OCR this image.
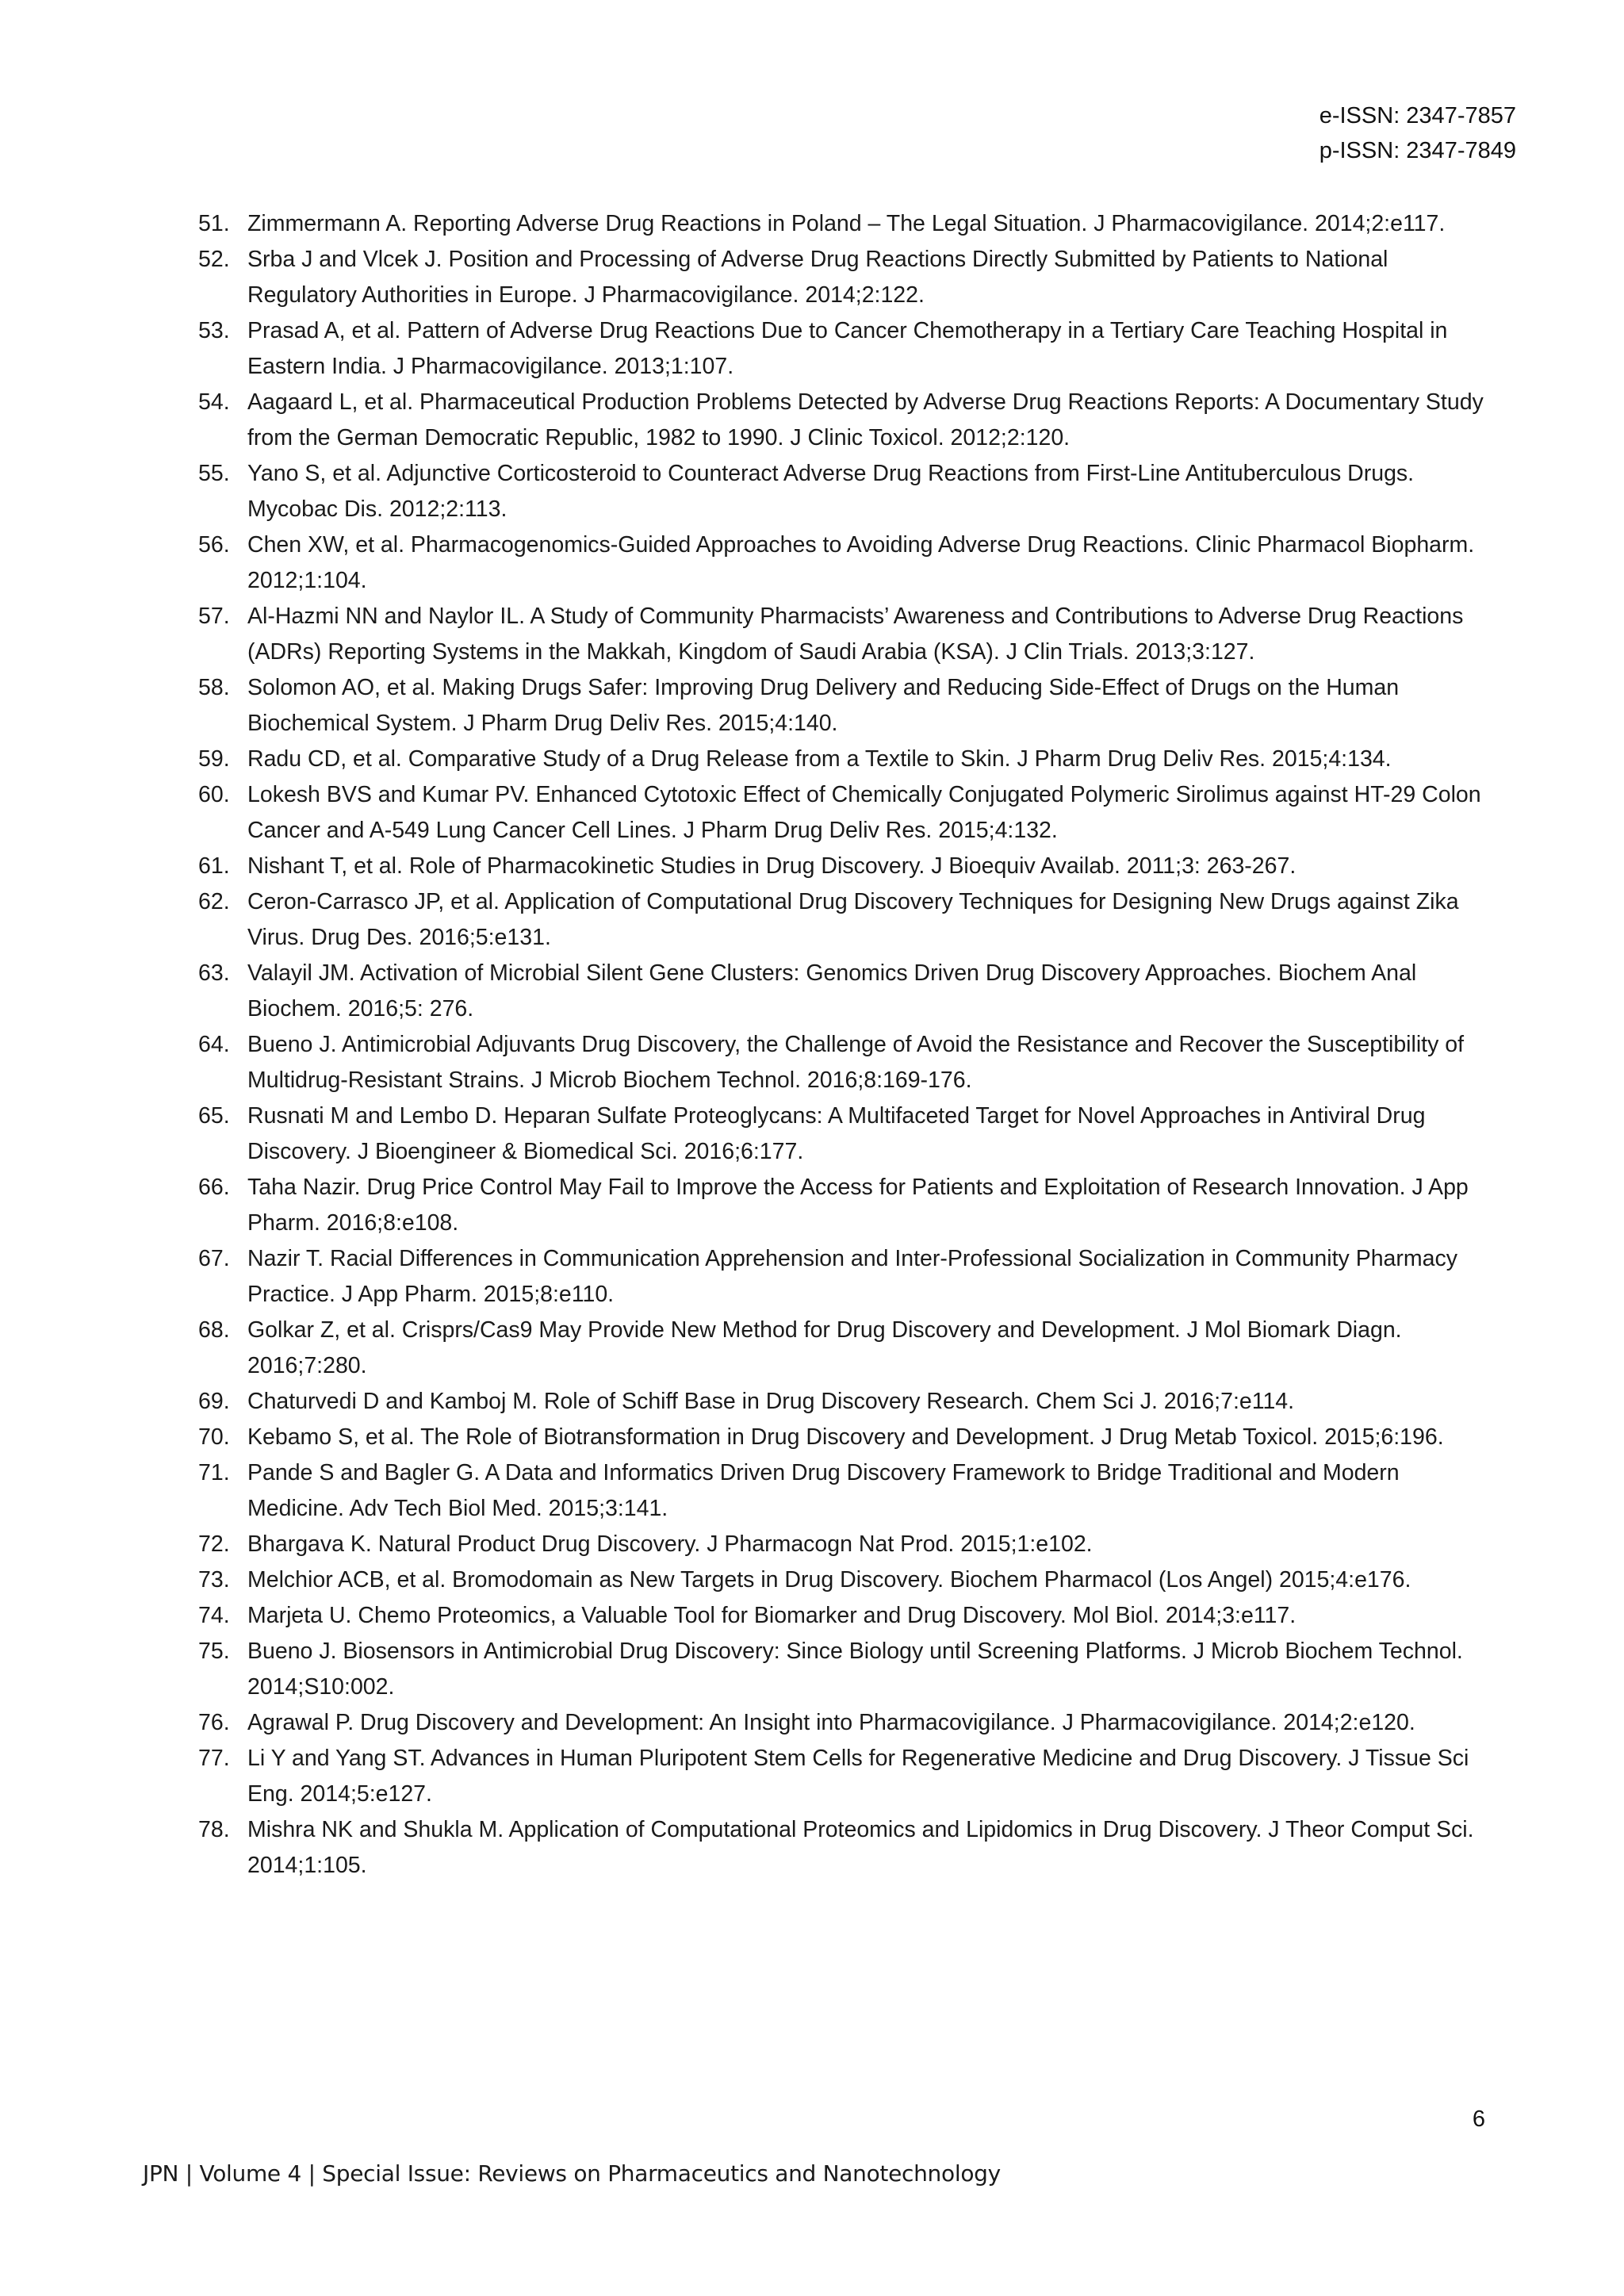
e-ISSN: 2347-7857
p-ISSN: 2347-7849
51. Zimmermann A. Reporting Adverse Drug Reactions in Poland – The Legal Situation. J Pharmacovigilance. 2014;2:e117.
52. Srba J and Vlcek J. Position and Processing of Adverse Drug Reactions Directly Submitted by Patients to National Regulatory Authorities in Europe. J Pharmacovigilance. 2014;2:122.
53. Prasad A, et al. Pattern of Adverse Drug Reactions Due to Cancer Chemotherapy in a Tertiary Care Teaching Hospital in Eastern India. J Pharmacovigilance. 2013;1:107.
54. Aagaard L, et al. Pharmaceutical Production Problems Detected by Adverse Drug Reactions Reports: A Documentary Study from the German Democratic Republic, 1982 to 1990. J Clinic Toxicol. 2012;2:120.
55. Yano S, et al. Adjunctive Corticosteroid to Counteract Adverse Drug Reactions from First-Line Antituberculous Drugs. Mycobac Dis. 2012;2:113.
56. Chen XW, et al. Pharmacogenomics-Guided Approaches to Avoiding Adverse Drug Reactions. Clinic Pharmacol Biopharm. 2012;1:104.
57. Al-Hazmi NN and Naylor IL. A Study of Community Pharmacists’ Awareness and Contributions to Adverse Drug Reactions (ADRs) Reporting Systems in the Makkah, Kingdom of Saudi Arabia (KSA). J Clin Trials. 2013;3:127.
58. Solomon AO, et al. Making Drugs Safer: Improving Drug Delivery and Reducing Side-Effect of Drugs on the Human Biochemical System. J Pharm Drug Deliv Res. 2015;4:140.
59. Radu CD, et al. Comparative Study of a Drug Release from a Textile to Skin. J Pharm Drug Deliv Res. 2015;4:134.
60. Lokesh BVS and Kumar PV. Enhanced Cytotoxic Effect of Chemically Conjugated Polymeric Sirolimus against HT-29 Colon Cancer and A-549 Lung Cancer Cell Lines. J Pharm Drug Deliv Res. 2015;4:132.
61. Nishant T, et al. Role of Pharmacokinetic Studies in Drug Discovery. J Bioequiv Availab. 2011;3: 263-267.
62. Ceron-Carrasco JP, et al. Application of Computational Drug Discovery Techniques for Designing New Drugs against Zika Virus. Drug Des. 2016;5:e131.
63. Valayil JM. Activation of Microbial Silent Gene Clusters: Genomics Driven Drug Discovery Approaches. Biochem Anal Biochem. 2016;5: 276.
64. Bueno J. Antimicrobial Adjuvants Drug Discovery, the Challenge of Avoid the Resistance and Recover the Susceptibility of Multidrug-Resistant Strains. J Microb Biochem Technol. 2016;8:169-176.
65. Rusnati M and Lembo D. Heparan Sulfate Proteoglycans: A Multifaceted Target for Novel Approaches in Antiviral Drug Discovery. J Bioengineer & Biomedical Sci. 2016;6:177.
66. Taha Nazir. Drug Price Control May Fail to Improve the Access for Patients and Exploitation of Research Innovation. J App Pharm. 2016;8:e108.
67. Nazir T. Racial Differences in Communication Apprehension and Inter-Professional Socialization in Community Pharmacy Practice. J App Pharm. 2015;8:e110.
68. Golkar Z, et al. Crisprs/Cas9 May Provide New Method for Drug Discovery and Development. J Mol Biomark Diagn. 2016;7:280.
69. Chaturvedi D and Kamboj M. Role of Schiff Base in Drug Discovery Research. Chem Sci J. 2016;7:e114.
70. Kebamo S, et al. The Role of Biotransformation in Drug Discovery and Development. J Drug Metab Toxicol. 2015;6:196.
71. Pande S and Bagler G. A Data and Informatics Driven Drug Discovery Framework to Bridge Traditional and Modern Medicine. Adv Tech Biol Med. 2015;3:141.
72. Bhargava K. Natural Product Drug Discovery. J Pharmacogn Nat Prod. 2015;1:e102.
73. Melchior ACB, et al. Bromodomain as New Targets in Drug Discovery. Biochem Pharmacol (Los Angel) 2015;4:e176.
74. Marjeta U. Chemo Proteomics, a Valuable Tool for Biomarker and Drug Discovery. Mol Biol. 2014;3:e117.
75. Bueno J. Biosensors in Antimicrobial Drug Discovery: Since Biology until Screening Platforms. J Microb Biochem Technol. 2014;S10:002.
76. Agrawal P. Drug Discovery and Development: An Insight into Pharmacovigilance. J Pharmacovigilance. 2014;2:e120.
77. Li Y and Yang ST. Advances in Human Pluripotent Stem Cells for Regenerative Medicine and Drug Discovery. J Tissue Sci Eng. 2014;5:e127.
78. Mishra NK and Shukla M. Application of Computational Proteomics and Lipidomics in Drug Discovery. J Theor Comput Sci. 2014;1:105.
6
JPN | Volume 4 | Special Issue: Reviews on Pharmaceutics and Nanotechnology
